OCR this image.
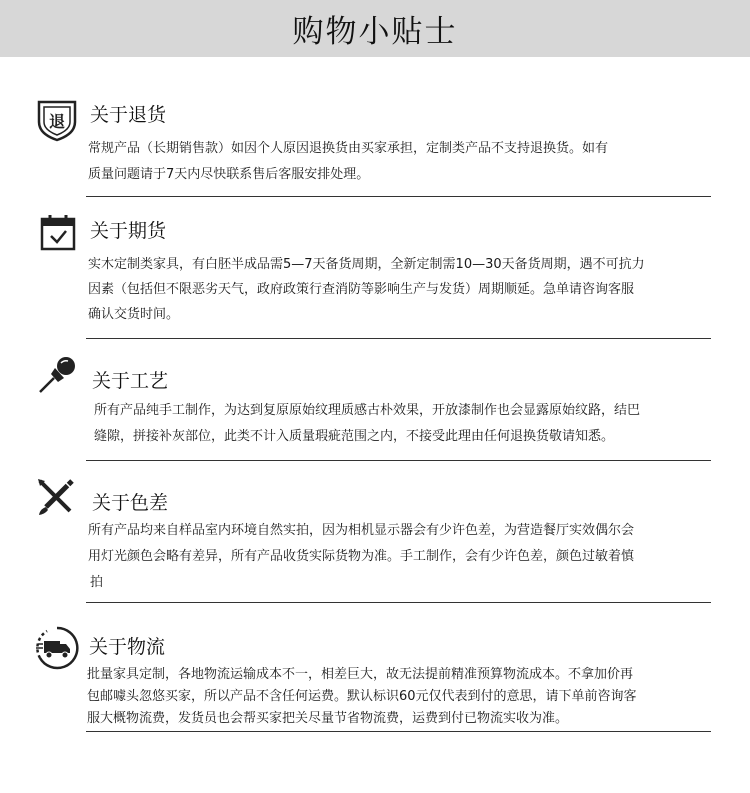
购物小贴士
退 关于退货
常规产品（长期销售款）如因个人原因退换货由买家承担，定制类产品不支持退换货。如有
质量问题请于7天内尽快联系售后客服安排处理。
关于期货
实木定制类家具，有白胚半成品需5—7天备货周期，全新定制需10—30天备货周期，遇不可抗力
因素（包括但不限恶劣天气，政府政策行查消防等影响生产与发货）周期顺延。急单请咨询客服
确认交货时间。
关于工艺
所有产品纯手工制作，为达到复原原始纹理质感古朴效果，开放漆制作也会显露原始纹路，结巴
缝隙，拼接补灰部位，此类不计入质量瑕疵范围之内，不接受此理由任何退换货敬请知悉。
关于色差
所有产品均来自样品室内环境自然实拍，因为相机显示器会有少许色差，为营造餐厅实效偶尔会
用灯光颜色会略有差异，所有产品收货实际货物为准。手工制作，会有少许色差，颜色过敏着慎
拍
关于物流
批量家具定制，各地物流运输成本不一，相差巨大，故无法提前精准预算物流成本。不拿加价再
包邮噱头忽悠买家，所以产品不含任何运费。默认标识60元仅代表到付的意思，请下单前咨询客
服大概物流费，发货员也会帮买家把关尽量节省物流费，运费到付已物流实收为准。
